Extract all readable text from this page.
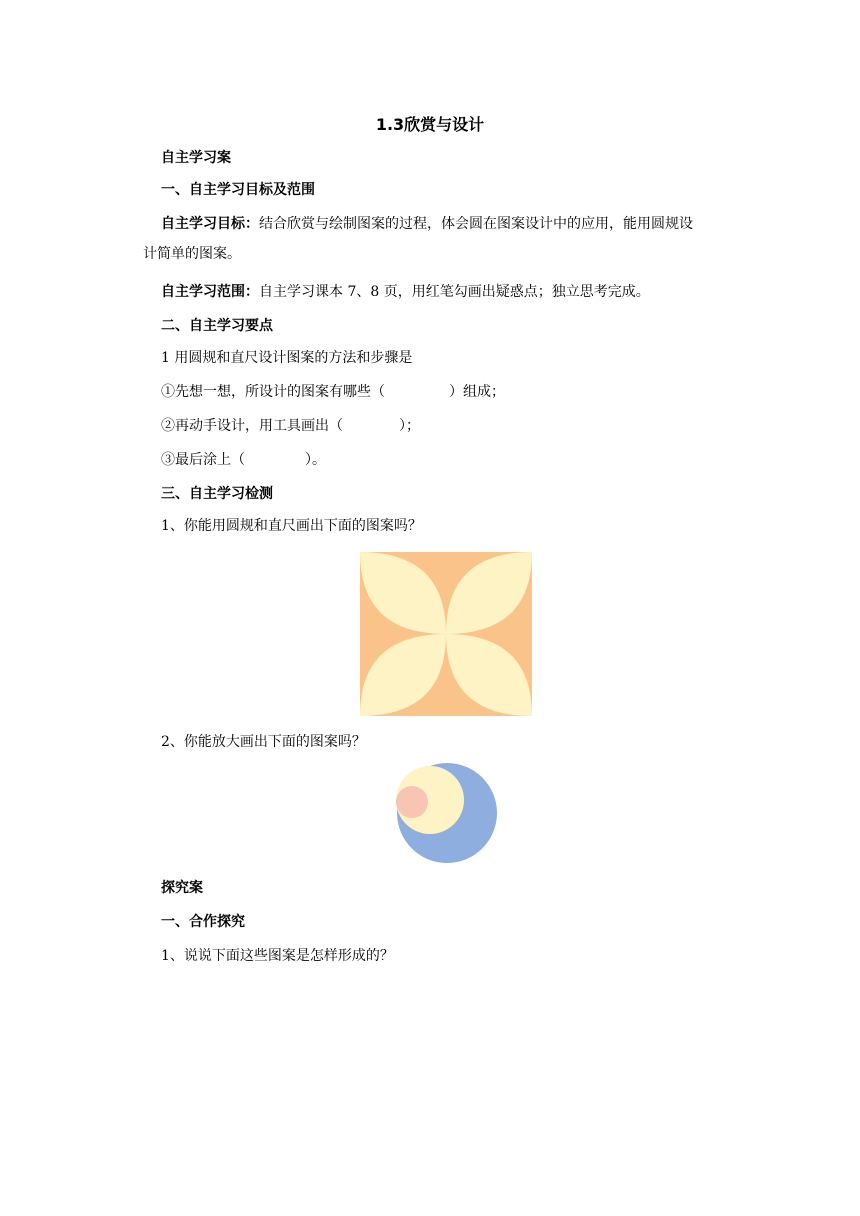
1.3欣赏与设计
自主学习案
一、自主学习目标及范围
自主学习目标：结合欣赏与绘制图案的过程，体会圆在图案设计中的应用，能用圆规设
计简单的图案。
自主学习范围：自主学习课本 7、8 页，用红笔勾画出疑惑点；独立思考完成。
二、自主学习要点
1 用圆规和直尺设计图案的方法和步骤是
①先想一想，所设计的图案有哪些（	）组成；
②再动手设计，用工具画出（	）；
③最后涂上（	）。
三、自主学习检测
1、你能用圆规和直尺画出下面的图案吗？
2、你能放大画出下面的图案吗？
探究案
一、合作探究
1、说说下面这些图案是怎样形成的？
